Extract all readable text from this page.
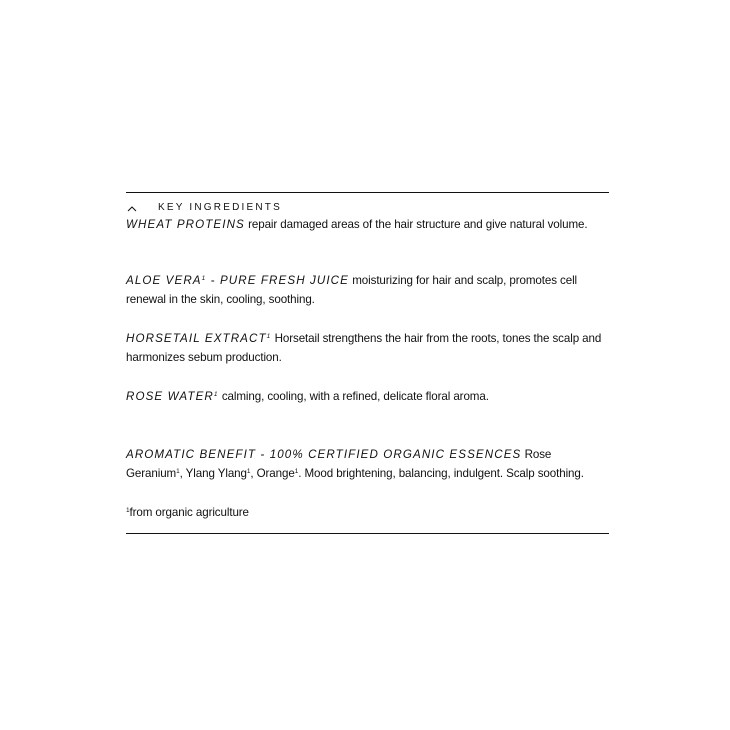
KEY INGREDIENTS

WHEAT PROTEINS repair damaged areas of the hair structure and give natural volume.

ALOE VERA$^1$ - PURE FRESH JUICE moisturizing for hair and scalp, promotes cell renewal in the skin, cooling, soothing.

HORSETAIL EXTRACT$^1$ Horsetail strengthens the hair from the roots, tones the scalp and harmonizes sebum production.

ROSE WATER$^1$ calming, cooling, with a refined, delicate floral aroma.

AROMATIC BENEFIT - 100% CERTIFIED ORGANIC ESSENCES Rose Geranium$^1$, Ylang Ylang$^1$, Orange$^1$. Mood brightening, balancing, indulgent. Scalp soothing.

$^1$from organic agriculture
